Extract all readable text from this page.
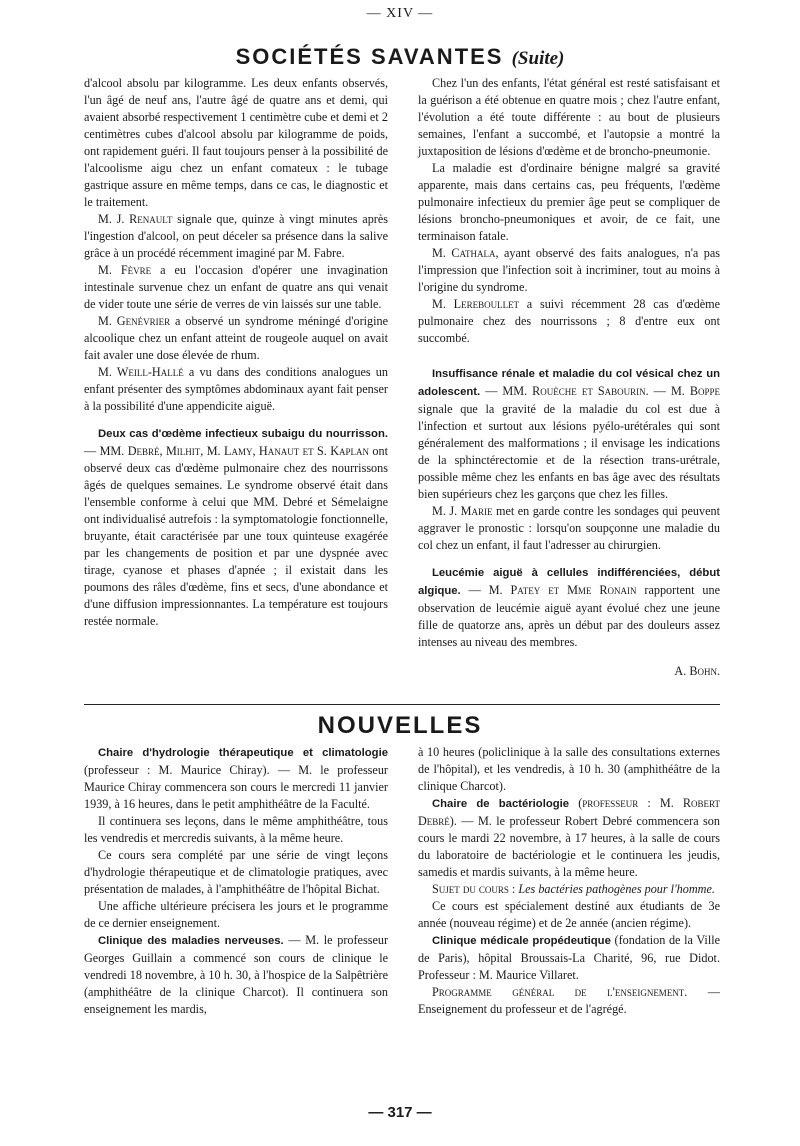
— XIV —
SOCIÉTÉS SAVANTES (Suite)

d'alcool absolu par kilogramme. Les deux enfants observés, l'un âgé de neuf ans, l'autre âgé de quatre ans et demi, qui avaient absorbé respectivement 1 centimètre cube et demi et 2 centimètres cubes d'alcool absolu par kilogramme de poids, ont rapidement guéri. Il faut toujours penser à la possibilité de l'alcoolisme aigu chez un enfant comateux : le tubage gastrique assure en même temps, dans ce cas, le diagnostic et le traitement.

M. J. Renault signale que, quinze à vingt minutes après l'ingestion d'alcool, on peut déceler sa présence dans la salive grâce à un procédé récemment imaginé par M. Fabre.

M. Fèvre a eu l'occasion d'opérer une invagination intestinale survenue chez un enfant de quatre ans qui venait de vider toute une série de verres de vin laissés sur une table.

M. Genévrier a observé un syndrome méningé d'origine alcoolique chez un enfant atteint de rougeole auquel on avait fait avaler une dose élevée de rhum.

M. Weill-Hallé a vu dans des conditions analogues un enfant présenter des symptômes abdominaux ayant fait penser à la possibilité d'une appendicite aiguë.

Deux cas d'œdème infectieux subaigu du nourrisson. — MM. Debré, Milhit, M. Lamy, Hanaut et S. Kaplan ont observé deux cas d'œdème pulmonaire chez des nourrissons âgés de quelques semaines. Le syndrome observé était dans l'ensemble conforme à celui que MM. Debré et Sémelaigne ont individualisé autrefois : la symptomatologie fonctionnelle, bruyante, était caractérisée par une toux quinteuse exagérée par les changements de position et par une dyspnée avec tirage, cyanose et phases d'apnée ; il existait dans les poumons des râles d'œdème, fins et secs, d'une abondance et d'une diffusion impressionnantes. La température est toujours restée normale.

Chez l'un des enfants, l'état général est resté satisfaisant et la guérison a été obtenue en quatre mois ; chez l'autre enfant, l'évolution a été toute différente : au bout de plusieurs semaines, l'enfant a succombé, et l'autopsie a montré la juxtaposition de lésions d'œdème et de broncho-pneumonie.

La maladie est d'ordinaire bénigne malgré sa gravité apparente, mais dans certains cas, peu fréquents, l'œdème pulmonaire infectieux du premier âge peut se compliquer de lésions broncho-pneumoniques et avoir, de ce fait, une terminaison fatale.

M. Cathala, ayant observé des faits analogues, n'a pas l'impression que l'infection soit à incriminer, tout au moins à l'origine du syndrome.

M. Lereboullet a suivi récemment 28 cas d'œdème pulmonaire chez des nourrissons ; 8 d'entre eux ont succombé.

Insuffisance rénale et maladie du col vésical chez un adolescent. — MM. Rouèche et Sabourin. — M. Boppe signale que la gravité de la maladie du col est due à l'infection et surtout aux lésions pyélo-urétérales qui sont généralement des malformations ; il envisage les indications de la sphinctérectomie et de la résection trans-urétrale, possible même chez les enfants en bas âge avec des résultats bien supérieurs chez les garçons que chez les filles.

M. J. Marie met en garde contre les sondages qui peuvent aggraver le pronostic : lorsqu'on soupçonne une maladie du col chez un enfant, il faut l'adresser au chirurgien.

Leucémie aiguë à cellules indifférenciées, début algique. — M. Patey et Mme Ronain rapportent une observation de leucémie aiguë ayant évolué chez une jeune fille de quatorze ans, après un début par des douleurs assez intenses au niveau des membres.

A. Bohn.
NOUVELLES

Chaire d'hydrologie thérapeutique et climatologie (professeur : M. Maurice Chiray). — M. le professeur Maurice Chiray commencera son cours le mercredi 11 janvier 1939, à 16 heures, dans le petit amphithéâtre de la Faculté.

Il continuera ses leçons, dans le même amphithéâtre, tous les vendredis et mercredis suivants, à la même heure.

Ce cours sera complété par une série de vingt leçons d'hydrologie thérapeutique et de climatologie pratiques, avec présentation de malades, à l'amphithéâtre de l'hôpital Bichat.

Une affiche ultérieure précisera les jours et le programme de ce dernier enseignement.

Clinique des maladies nerveuses. — M. le professeur Georges Guillain a commencé son cours de clinique le vendredi 18 novembre, à 10 h. 30, à l'hospice de la Salpêtrière (amphithéâtre de la clinique Charcot). Il continuera son enseignement les mardis,

à 10 heures (policlinique à la salle des consultations externes de l'hôpital), et les vendredis, à 10 h. 30 (amphithéâtre de la clinique Charcot).

Chaire de bactériologie (professeur : M. Robert Debré). — M. le professeur Robert Debré commencera son cours le mardi 22 novembre, à 17 heures, à la salle de cours du laboratoire de bactériologie et le continuera les jeudis, samedis et mardis suivants, à la même heure.

Sujet du cours : Les bactéries pathogènes pour l'homme.

Ce cours est spécialement destiné aux étudiants de 3e année (nouveau régime) et de 2e année (ancien régime).

Clinique médicale propédeutique (fondation de la Ville de Paris), hôpital Broussais-La Charité, 96, rue Didot. Professeur : M. Maurice Villaret.

Programme général de l'enseignement. — Enseignement du professeur et de l'agrégé.

— 317 —
